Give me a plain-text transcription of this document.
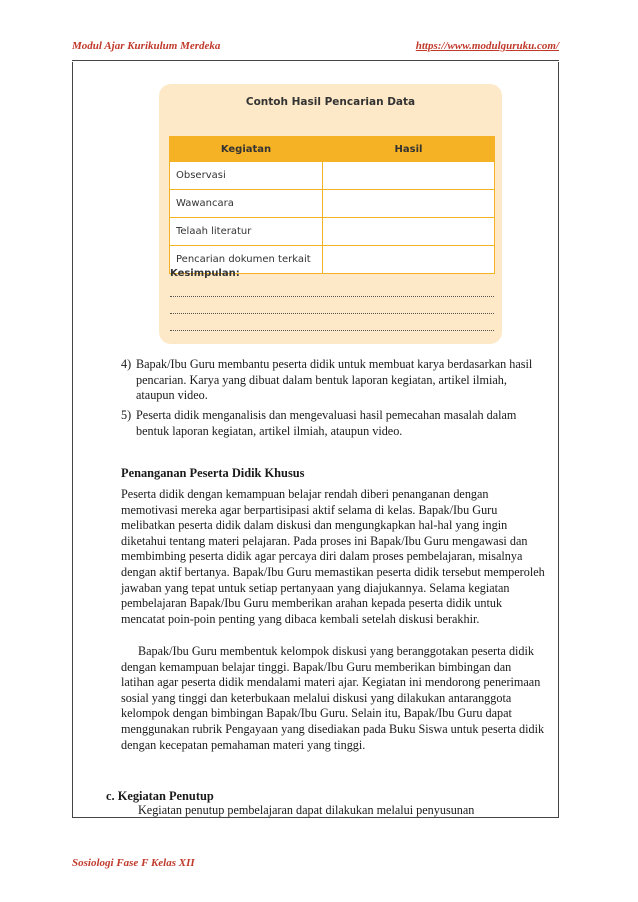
Modul Ajar Kurikulum Merdeka	https://www.modulguruku.com/
Contoh Hasil Pencarian Data
Kegiatan	Hasil
Observasi	
Wawancara	
Telaah literatur	
Pencarian dokumen terkait	
Kesimpulan:
4) Bapak/Ibu Guru membantu peserta didik untuk membuat karya berdasarkan hasil pencarian. Karya yang dibuat dalam bentuk laporan kegiatan, artikel ilmiah, ataupun video.
5) Peserta didik menganalisis dan mengevaluasi hasil pemecahan masalah dalam bentuk laporan kegiatan, artikel ilmiah, ataupun video.
Penanganan Peserta Didik Khusus
Peserta didik dengan kemampuan belajar rendah diberi penanganan dengan memotivasi mereka agar berpartisipasi aktif selama di kelas. Bapak/Ibu Guru melibatkan peserta didik dalam diskusi dan mengungkapkan hal-hal yang ingin diketahui tentang materi pelajaran. Pada proses ini Bapak/Ibu Guru mengawasi dan membimbing peserta didik agar percaya diri dalam proses pembelajaran, misalnya dengan aktif bertanya. Bapak/Ibu Guru memastikan peserta didik tersebut memperoleh jawaban yang tepat untuk setiap pertanyaan yang diajukannya. Selama kegiatan pembelajaran Bapak/Ibu Guru memberikan arahan kepada peserta didik untuk mencatat poin-poin penting yang dibaca kembali setelah diskusi berakhir.
Bapak/Ibu Guru membentuk kelompok diskusi yang beranggotakan peserta didik dengan kemampuan belajar tinggi. Bapak/Ibu Guru memberikan bimbingan dan latihan agar peserta didik mendalami materi ajar. Kegiatan ini mendorong penerimaan sosial yang tinggi dan keterbukaan melalui diskusi yang dilakukan antaranggota kelompok dengan bimbingan Bapak/Ibu Guru. Selain itu, Bapak/Ibu Guru dapat menggunakan rubrik Pengayaan yang disediakan pada Buku Siswa untuk peserta didik dengan kecepatan pemahaman materi yang tinggi.
c. Kegiatan Penutup
Kegiatan penutup pembelajaran dapat dilakukan melalui penyusunan
Sosiologi Fase F Kelas XII
